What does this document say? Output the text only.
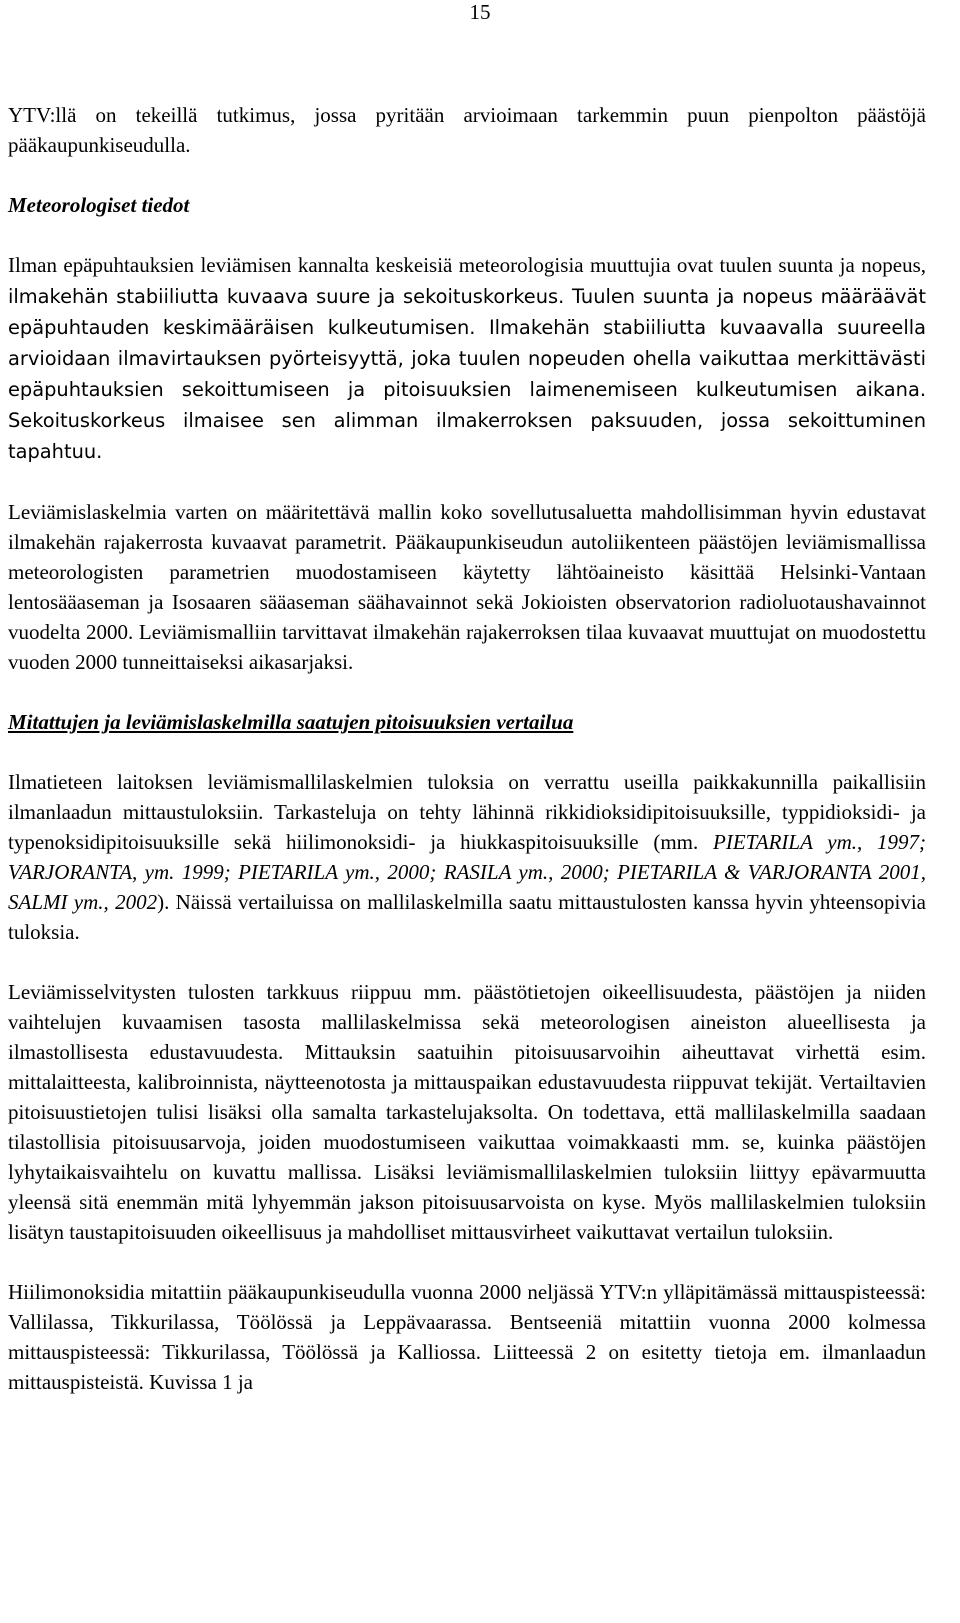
15

YTV:llä on tekeillä tutkimus, jossa pyritään arvioimaan tarkemmin puun pienpolton päästöjä pääkaupunkiseudulla.

Meteorologiset tiedot

Ilman epäpuhtauksien leviämisen kannalta keskeisiä meteorologisia muuttujia ovat tuulen suunta ja nopeus, ilmakehän stabiiliutta kuvaava suure ja sekoituskorkeus. Tuulen suunta ja nopeus määräävät epäpuhtauden keskimääräisen kulkeutumisen. Ilmakehän stabiiliutta kuvaavalla suureella arvioidaan ilmavirtauksen pyörteisyyttä, joka tuulen nopeuden ohella vaikuttaa merkittävästi epäpuhtauksien sekoittumiseen ja pitoisuuksien laimenemiseen kulkeutumisen aikana. Sekoituskorkeus ilmaisee sen alimman ilmakerroksen paksuuden, jossa sekoittuminen tapahtuu.

Leviämislaskelmia varten on määritettävä mallin koko sovellutusaluetta mahdollisimman hyvin edustavat ilmakehän rajakerrosta kuvaavat parametrit. Pääkaupunkiseudun autoliikenteen päästöjen leviämismallissa meteorologisten parametrien muodostamiseen käytetty lähtöaineisto käsittää Helsinki-Vantaan lentosääaseman ja Isosaaren sääaseman säähavainnot sekä Jokioisten observatorion radioluotaushavainnot vuodelta 2000. Leviämismalliin tarvittavat ilmakehän rajakerroksen tilaa kuvaavat muuttujat on muodostettu vuoden 2000 tunneittaiseksi aikasarjaksi.

Mitattujen ja leviämislaskelmilla saatujen pitoisuuksien vertailua

Ilmatieteen laitoksen leviämismallilaskelmien tuloksia on verrattu useilla paikkakunnilla paikallisiin ilmanlaadun mittaustuloksiin. Tarkasteluja on tehty lähinnä rikkidioksidipitoisuuksille, typpidioksidi- ja typenoksidipitoisuuksille sekä hiilimonoksidi- ja hiukkaspitoisuuksille (mm. PIETARILA ym., 1997; VARJORANTA, ym. 1999; PIETARILA ym., 2000; RASILA ym., 2000; PIETARILA & VARJORANTA 2001, SALMI ym., 2002). Näissä vertailuissa on mallilaskelmilla saatu mittaustulosten kanssa hyvin yhteensopivia tuloksia.

Leviämisselvitysten tulosten tarkkuus riippuu mm. päästötietojen oikeellisuudesta, päästöjen ja niiden vaihtelujen kuvaamisen tasosta mallilaskelmissa sekä meteorologisen aineiston alueellisesta ja ilmastollisesta edustavuudesta. Mittauksin saatuihin pitoisuusarvoihin aiheuttavat virhettä esim. mittalaitteesta, kalibroinnista, näytteenotosta ja mittauspaikan edustavuudesta riippuvat tekijät. Vertailtavien pitoisuustietojen tulisi lisäksi olla samalta tarkastelujaksolta. On todettava, että mallilaskelmilla saadaan tilastollisia pitoisuusarvoja, joiden muodostumiseen vaikuttaa voimakkaasti mm. se, kuinka päästöjen lyhytaikaisvaihtelu on kuvattu mallissa. Lisäksi leviämismallilaskelmien tuloksiin liittyy epävarmuutta yleensä sitä enemmän mitä lyhyemmän jakson pitoisuusarvoista on kyse. Myös mallilaskelmien tuloksiin lisätyn taustapitoisuuden oikeellisuus ja mahdolliset mittausvirheet vaikuttavat vertailun tuloksiin.

Hiilimonoksidia mitattiin pääkaupunkiseudulla vuonna 2000 neljässä YTV:n ylläpitämässä mittauspisteessä: Vallilassa, Tikkurilassa, Töölössä ja Leppävaarassa. Bentseeniä mitattiin vuonna 2000 kolmessa mittauspisteessä: Tikkurilassa, Töölössä ja Kalliossa. Liitteessä 2 on esitetty tietoja em. ilmanlaadun mittauspisteistä. Kuvissa 1 ja
